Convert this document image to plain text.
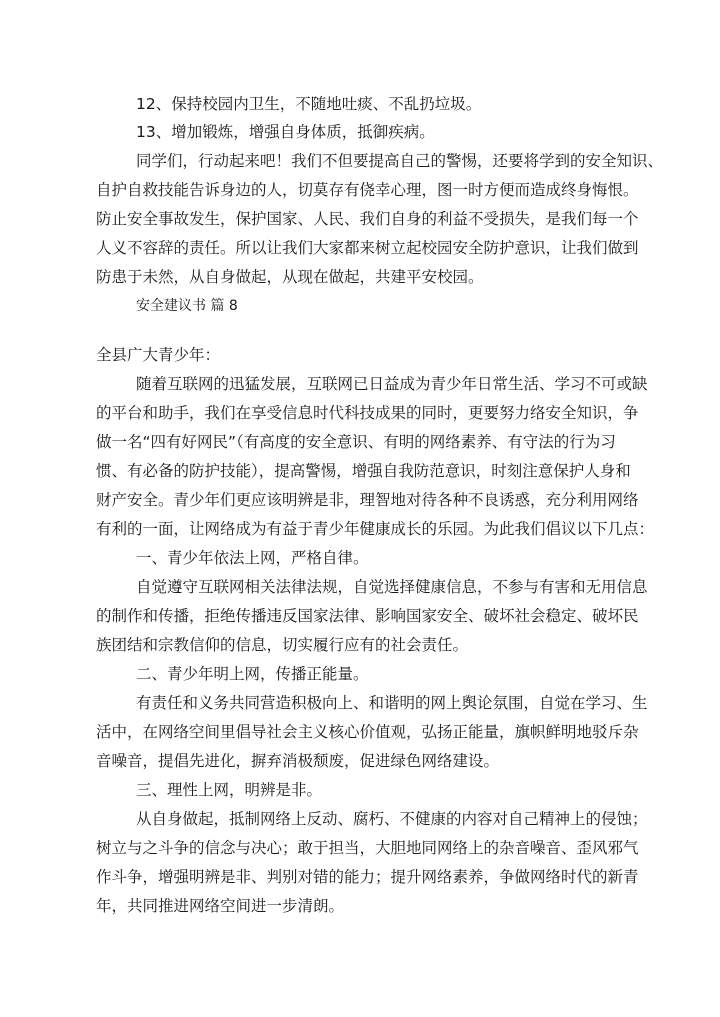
12、保持校园内卫生，不随地吐痰、不乱扔垃圾。
13、增加锻炼，增强自身体质，抵御疾病。
同学们，行动起来吧！我们不但要提高自己的警惕，还要将学到的安全知识、
自护自救技能告诉身边的人，切莫存有侥幸心理，图一时方便而造成终身悔恨。
防止安全事故发生，保护国家、人民、我们自身的利益不受损失，是我们每一个
人义不容辞的责任。所以让我们大家都来树立起校园安全防护意识，让我们做到
防患于未然，从自身做起，从现在做起，共建平安校园。
安全建议书 篇 8
全县广大青少年：
随着互联网的迅猛发展，互联网已日益成为青少年日常生活、学习不可或缺
的平台和助手，我们在享受信息时代科技成果的同时，更要努力络安全知识，争
做一名“四有好网民”（有高度的安全意识、有明的网络素养、有守法的行为习
惯、有必备的防护技能），提高警惕，增强自我防范意识，时刻注意保护人身和
财产安全。青少年们更应该明辨是非，理智地对待各种不良诱惑，充分利用网络
有利的一面，让网络成为有益于青少年健康成长的乐园。为此我们倡议以下几点：
一、青少年依法上网，严格自律。
自觉遵守互联网相关法律法规，自觉选择健康信息，不参与有害和无用信息
的制作和传播，拒绝传播违反国家法律、影响国家安全、破坏社会稳定、破坏民
族团结和宗教信仰的信息，切实履行应有的社会责任。
二、青少年明上网，传播正能量。
有责任和义务共同营造积极向上、和谐明的网上舆论氛围，自觉在学习、生
活中，在网络空间里倡导社会主义核心价值观，弘扬正能量，旗帜鲜明地驳斥杂
音噪音，提倡先进化，摒弃消极颓废，促进绿色网络建设。
三、理性上网，明辨是非。
从自身做起，抵制网络上反动、腐朽、不健康的内容对自己精神上的侵蚀；
树立与之斗争的信念与决心；敢于担当，大胆地同网络上的杂音噪音、歪风邪气
作斗争，增强明辨是非、判别对错的能力；提升网络素养，争做网络时代的新青
年，共同推进网络空间进一步清朗。
